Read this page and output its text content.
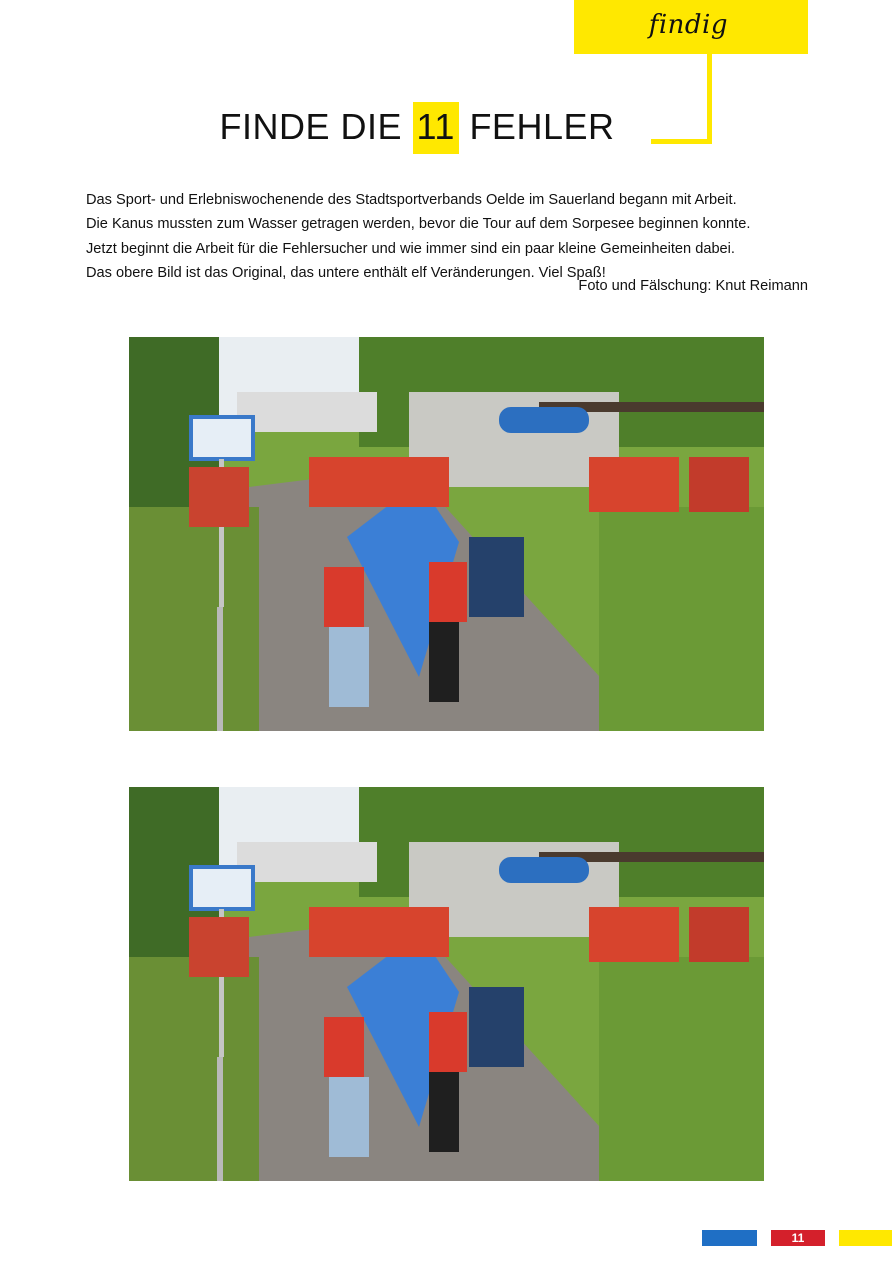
findig
FINDE DIE 11 FEHLER

Das Sport- und Erlebniswochenende des Stadtsportverbands Oelde im Sauerland begann mit Arbeit.

Die Kanus mussten zum Wasser getragen werden, bevor die Tour auf dem Sorpesee beginnen konnte.

Jetzt beginnt die Arbeit für die Fehlersucher und wie immer sind ein paar kleine Gemeinheiten dabei.

Das obere Bild ist das Original, das untere enthält elf Veränderungen. Viel Spaß!

Foto und Fälschung: Knut Reimann
11
